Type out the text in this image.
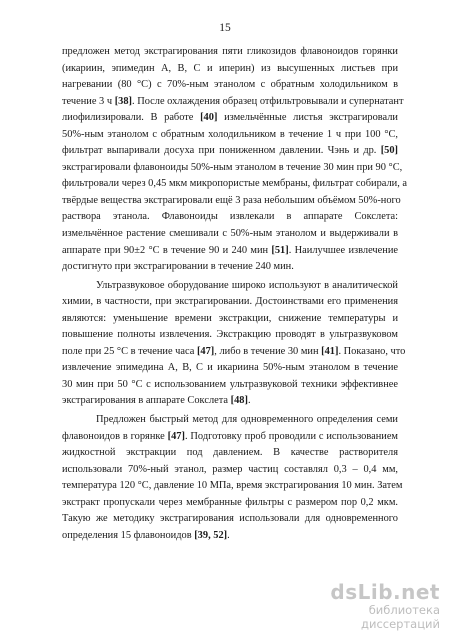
15
предложен метод экстрагирования пяти гликозидов флавоноидов горянки
(икариин, эпимедин A, B, C и иперин) из высушенных листьев при
нагревании (80 °C) с 70%-ным этанолом с обратным холодильником в
течение 3 ч [38]. После охлаждения образец отфильтровывали и супернатант
лиофилизировали. В работе [40] измельчённые листья экстрагировали
50%-ным этанолом с обратным холодильником в течение 1 ч при 100 °C,
фильтрат выпаривали досуха при пониженном давлении. Чэнь и др. [50]
экстрагировали флавоноиды 50%-ным этанолом в течение 30 мин при 90 °C,
фильтровали через 0,45 мкм микропористые мембраны, фильтрат собирали, а
твёрдые вещества экстрагировали ещё 3 раза небольшим объёмом 50%-ного
раствора этанола. Флавоноиды извлекали в аппарате Сокслета:
измельчённое растение смешивали с 50%-ным этанолом и выдерживали в
аппарате при 90±2 °C в течение 90 и 240 мин [51]. Наилучшее извлечение
достигнуто при экстрагировании в течение 240 мин.
Ультразвуковое оборудование широко используют в аналитической
химии, в частности, при экстрагировании. Достоинствами его применения
являются: уменьшение времени экстракции, снижение температуры и
повышение полноты извлечения. Экстракцию проводят в ультразвуковом
поле при 25 °C в течение часа [47], либо в течение 30 мин [41]. Показано, что
извлечение эпимедина A, B, C и икариина 50%-ным этанолом в течение
30 мин при 50 °C с использованием ультразвуковой техники эффективнее
экстрагирования в аппарате Сокслета [48].
Предложен быстрый метод для одновременного определения семи
флавоноидов в горянке [47]. Подготовку проб проводили с использованием
жидкостной экстракции под давлением. В качестве растворителя
использовали 70%-ный этанол, размер частиц составлял 0,3 – 0,4 мм,
температура 120 °C, давление 10 МПа, время экстрагирования 10 мин. Затем
экстракт пропускали через мембранные фильтры с размером пор 0,2 мкм.
Такую же методику экстрагирования использовали для одновременного
определения 15 флавоноидов [39, 52].
dsLib.net
библиотека диссертаций
